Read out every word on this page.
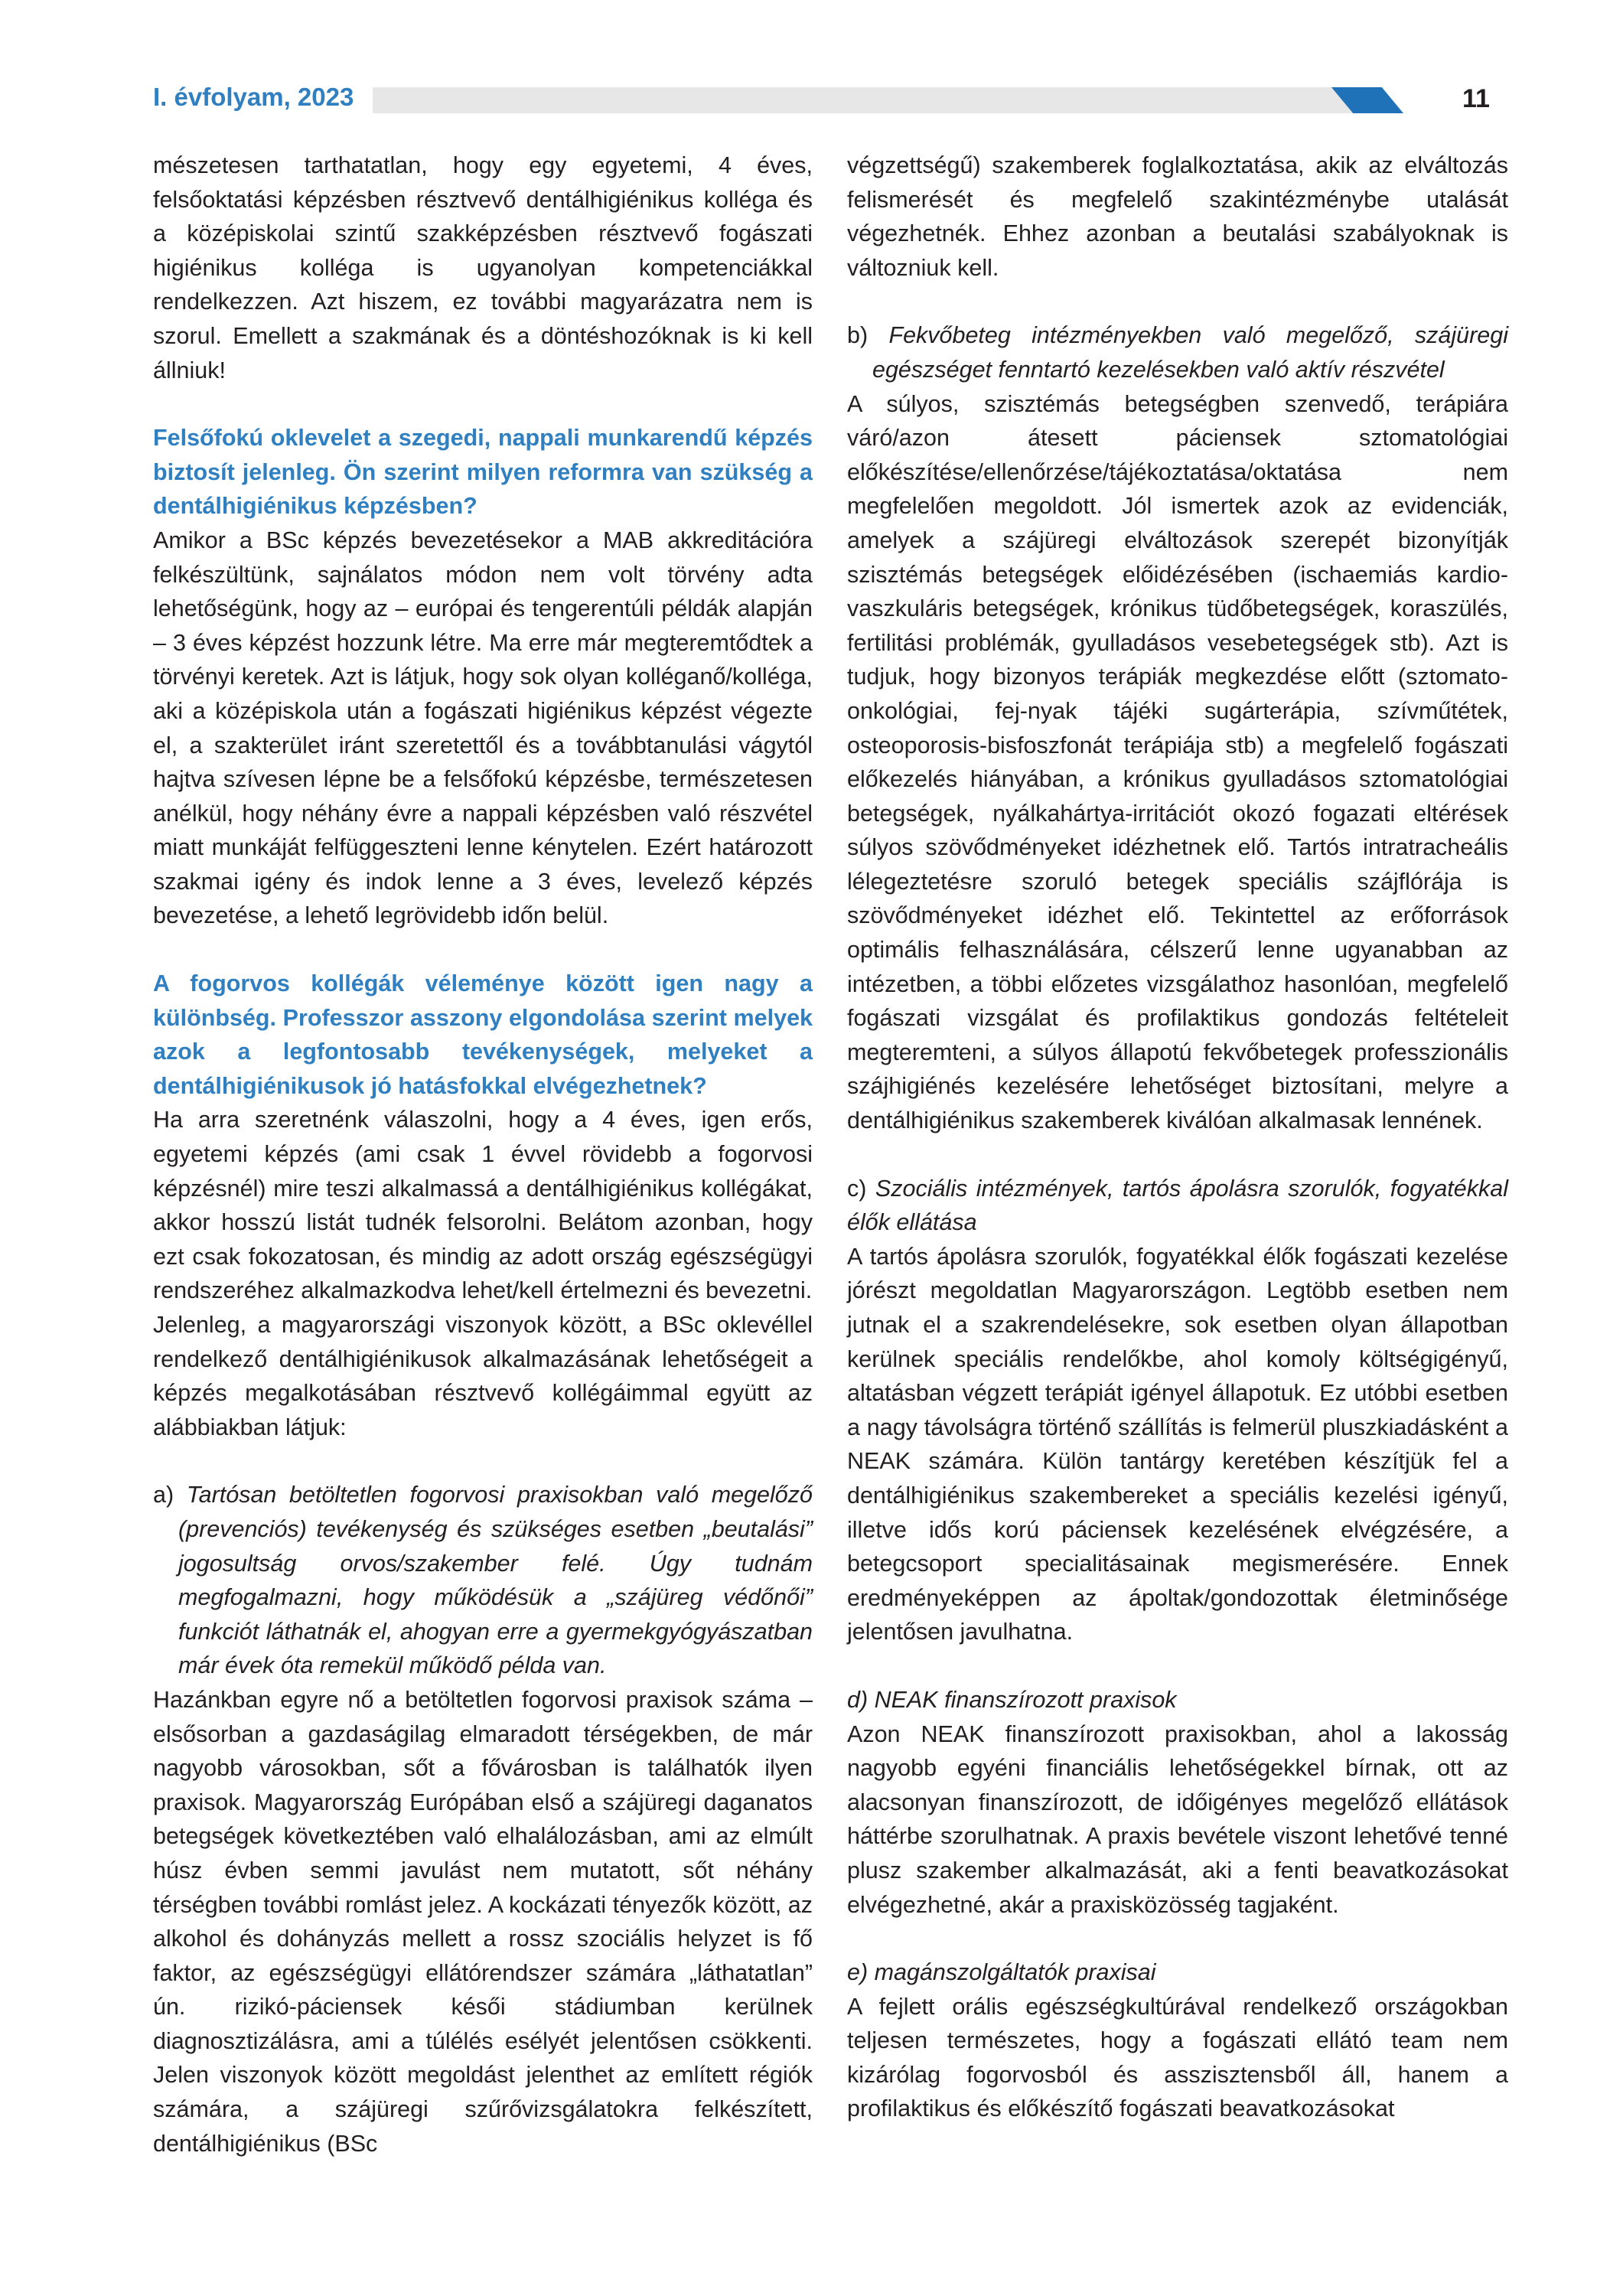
I. évfolyam, 2023	11

mészetesen tarthatatlan, hogy egy egyetemi, 4 éves, felsőoktatási képzésben résztvevő dentálhigiénikus kolléga és a középiskolai szintű szakképzésben résztvevő fogászati higiénikus kolléga is ugyanolyan kompetenciákkal rendelkezzen. Azt hiszem, ez további magyarázatra nem is szorul. Emellett a szakmának és a döntéshozóknak is ki kell állniuk!

Felsőfokú oklevelet a szegedi, nappali munkarendű képzés biztosít jelenleg. Ön szerint milyen reformra van szükség a dentálhigiénikus képzésben?

Amikor a BSc képzés bevezetésekor a MAB akkreditációra felkészültünk, sajnálatos módon nem volt törvény adta lehetőségünk, hogy az – európai és tengerentúli példák alapján – 3 éves képzést hozzunk létre. Ma erre már megteremtődtek a törvényi keretek. Azt is látjuk, hogy sok olyan kolléganő/kolléga, aki a középiskola után a fogászati higiénikus képzést végezte el, a szakterület iránt szeretettől és a továbbtanulási vágytól hajtva szívesen lépne be a felsőfokú képzésbe, természetesen anélkül, hogy néhány évre a nappali képzésben való részvétel miatt munkáját felfüggeszteni lenne kénytelen. Ezért határozott szakmai igény és indok lenne a 3 éves, levelező képzés bevezetése, a lehető legrövidebb időn belül.

A fogorvos kollégák véleménye között igen nagy a különbség. Professzor asszony elgondolása szerint melyek azok a legfontosabb tevékenységek, melyeket a dentálhigiénikusok jó hatásfokkal elvégezhetnek?

Ha arra szeretnénk válaszolni, hogy a 4 éves, igen erős, egyetemi képzés (ami csak 1 évvel rövidebb a fogorvosi képzésnél) mire teszi alkalmassá a dentálhigiénikus kollégákat, akkor hosszú listát tudnék felsorolni. Belátom azonban, hogy ezt csak fokozatosan, és mindig az adott ország egészségügyi rendszeréhez alkalmazkodva lehet/kell értelmezni és bevezetni.

Jelenleg, a magyarországi viszonyok között, a BSc oklevéllel rendelkező dentálhigiénikusok alkalmazásának lehetőségeit a képzés megalkotásában résztvevő kollégáimmal együtt az alábbiakban látjuk:

a) Tartósan betöltetlen fogorvosi praxisokban való megelőző (prevenciós) tevékenység és szükséges esetben „beutalási” jogosultság orvos/szakember felé. Úgy tudnám megfogalmazni, hogy működésük a „szájüreg védőnői” funkciót láthatnák el, ahogyan erre a gyermekgyógyászatban már évek óta remekül működő példa van.

Hazánkban egyre nő a betöltetlen fogorvosi praxisok száma – elsősorban a gazdaságilag elmaradott térségekben, de már nagyobb városokban, sőt a fővárosban is találhatók ilyen praxisok. Magyarország Európában első a szájüregi daganatos betegségek következtében való elhalálozásban, ami az elmúlt húsz évben semmi javulást nem mutatott, sőt néhány térségben további romlást jelez. A kockázati tényezők között, az alkohol és dohányzás mellett a rossz szociális helyzet is fő faktor, az egészségügyi ellátórendszer számára „láthatatlan” ún. rizikó-páciensek késői stádiumban kerülnek diagnosztizálásra, ami a túlélés esélyét jelentősen csökkenti. Jelen viszonyok között megoldást jelenthet az említett régiók számára, a szájüregi szűrővizsgálatokra felkészített, dentálhigiénikus (BSc

végzettségű) szakemberek foglalkoztatása, akik az elváltozás felismerését és megfelelő szakintézménybe utalását végezhetnék. Ehhez azonban a beutalási szabályoknak is változniuk kell.

b) Fekvőbeteg intézményekben való megelőző, szájüregi egészséget fenntartó kezelésekben való aktív részvétel

A súlyos, szisztémás betegségben szenvedő, terápiára váró/azon átesett páciensek sztomatológiai előkészítése/ellenőrzése/tájékoztatása/oktatása nem megfelelően megoldott. Jól ismertek azok az evidenciák, amelyek a szájüregi elváltozások szerepét bizonyítják szisztémás betegségek előidézésében (ischaemiás kardio-vaszkuláris betegségek, krónikus tüdőbetegségek, koraszülés, fertilitási problémák, gyulladásos vesebetegségek stb). Azt is tudjuk, hogy bizonyos terápiák megkezdése előtt (sztomato-onkológiai, fej-nyak tájéki sugárterápia, szívműtétek, osteoporosis-bisfoszfonát terápiája stb) a megfelelő fogászati előkezelés hiányában, a krónikus gyulladásos sztomatológiai betegségek, nyálkahártya-irritációt okozó fogazati eltérések súlyos szövődményeket idézhetnek elő. Tartós intratracheális lélegeztetésre szoruló betegek speciális szájflórája is szövődményeket idézhet elő. Tekintettel az erőforrások optimális felhasználására, célszerű lenne ugyanabban az intézetben, a többi előzetes vizsgálathoz hasonlóan, megfelelő fogászati vizsgálat és profilaktikus gondozás feltételeit megteremteni, a súlyos állapotú fekvőbetegek professzionális szájhigiénés kezelésére lehetőséget biztosítani, melyre a dentálhigiénikus szakemberek kiválóan alkalmasak lennének.

c) Szociális intézmények, tartós ápolásra szorulók, fogyatékkal élők ellátása

A tartós ápolásra szorulók, fogyatékkal élők fogászati kezelése jórészt megoldatlan Magyarországon. Legtöbb esetben nem jutnak el a szakrendelésekre, sok esetben olyan állapotban kerülnek speciális rendelőkbe, ahol komoly költségigényű, altatásban végzett terápiát igényel állapotuk. Ez utóbbi esetben a nagy távolságra történő szállítás is felmerül pluszkiadásként a NEAK számára. Külön tantárgy keretében készítjük fel a dentálhigiénikus szakembereket a speciális kezelési igényű, illetve idős korú páciensek kezelésének elvégzésére, a betegcsoport specialitásainak megismerésére. Ennek eredményeképpen az ápoltak/gondozottak életminősége jelentősen javulhatna.

d) NEAK finanszírozott praxisok

Azon NEAK finanszírozott praxisokban, ahol a lakosság nagyobb egyéni financiális lehetőségekkel bírnak, ott az alacsonyan finanszírozott, de időigényes megelőző ellátások háttérbe szorulhatnak. A praxis bevétele viszont lehetővé tenné plusz szakember alkalmazását, aki a fenti beavatkozásokat elvégezhetné, akár a praxisközösség tagjaként.

e) magánszolgáltatók praxisai

A fejlett orális egészségkultúrával rendelkező országokban teljesen természetes, hogy a fogászati ellátó team nem kizárólag fogorvosból és asszisztensből áll, hanem a profilaktikus és előkészítő fogászati beavatkozásokat
